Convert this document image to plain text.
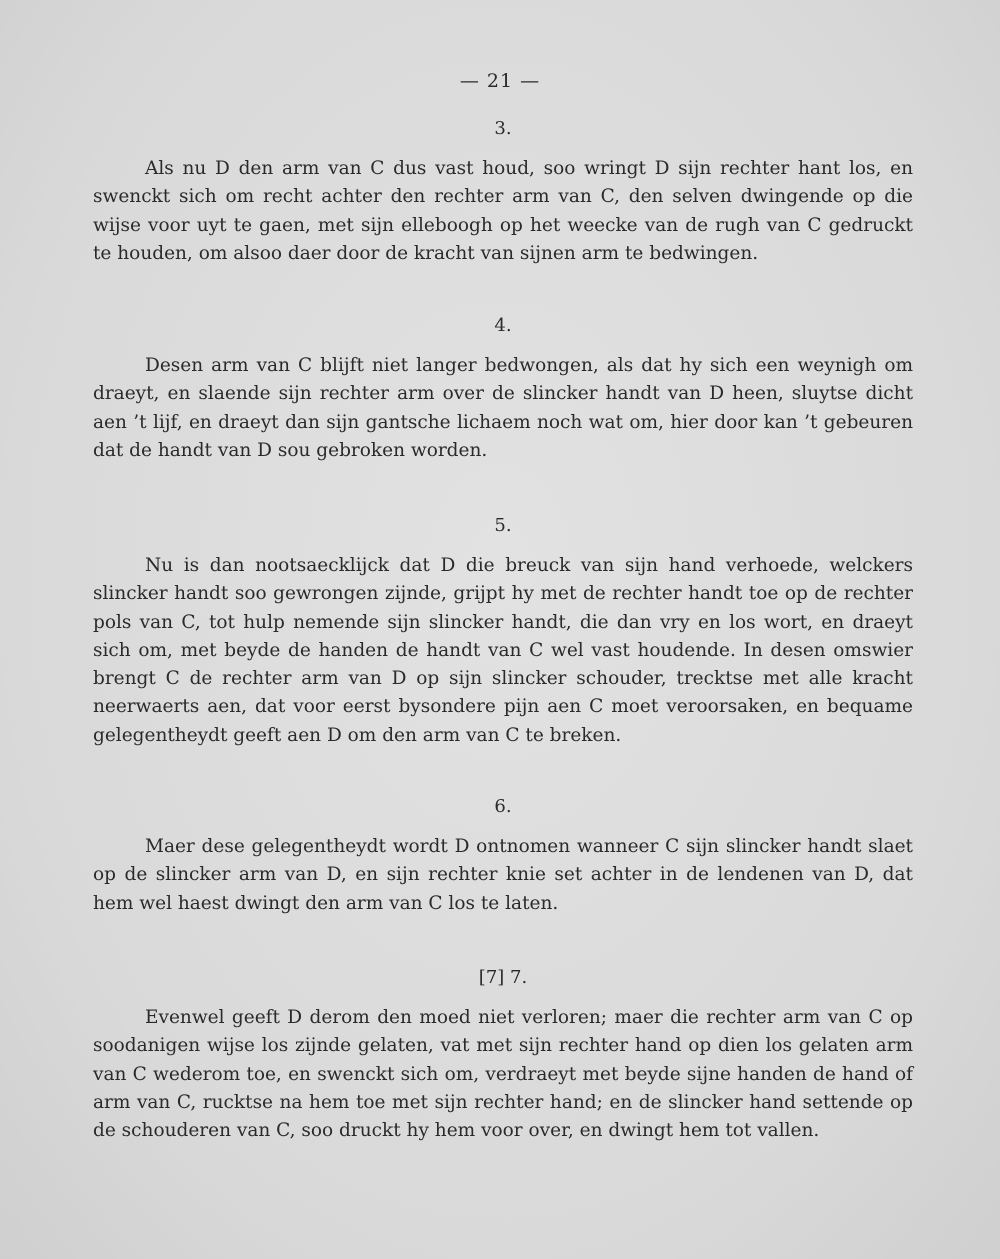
— 21 —
3.

Als nu D den arm van C dus vast houd, soo wringt D sijn rechter hant los, en swenckt sich om recht achter den rechter arm van C, den selven dwingende op die wijse voor uyt te gaen, met sijn elleboogh op het weecke van de rugh van C gedruckt te houden, om alsoo daer door de kracht van sijnen arm te bedwingen.

4.

Desen arm van C blijft niet langer bedwongen, als dat hy sich een weynigh om draeyt, en slaende sijn rechter arm over de slincker handt van D heen, sluytse dicht aen ’t lijf, en draeyt dan sijn gantsche lichaem noch wat om, hier door kan ’t gebeuren dat de handt van D sou gebroken worden.

5.

Nu is dan nootsaecklijck dat D die breuck van sijn hand verhoede, welckers slincker handt soo gewrongen zijnde, grijpt hy met de rechter handt toe op de rechter pols van C, tot hulp nemende sijn slincker handt, die dan vry en los wort, en draeyt sich om, met beyde de handen de handt van C wel vast houdende. In desen omswier brengt C de rechter arm van D op sijn slincker schouder, trecktse met alle kracht neerwaerts aen, dat voor eerst bysondere pijn aen C moet veroorsaken, en bequame gelegentheydt geeft aen D om den arm van C te breken.

6.

Maer dese gelegentheydt wordt D ontnomen wanneer C sijn slincker handt slaet op de slincker arm van D, en sijn rechter knie set achter in de lendenen van D, dat hem wel haest dwingt den arm van C los te laten.

[7] 7.

Evenwel geeft D derom den moed niet verloren; maer die rechter arm van C op soodanigen wijse los zijnde gelaten, vat met sijn rechter hand op dien los gelaten arm van C wederom toe, en swenckt sich om, verdraeyt met beyde sijne handen de hand of arm van C, rucktse na hem toe met sijn rechter hand; en de slincker hand settende op de schouderen van C, soo druckt hy hem voor over, en dwingt hem tot vallen.
